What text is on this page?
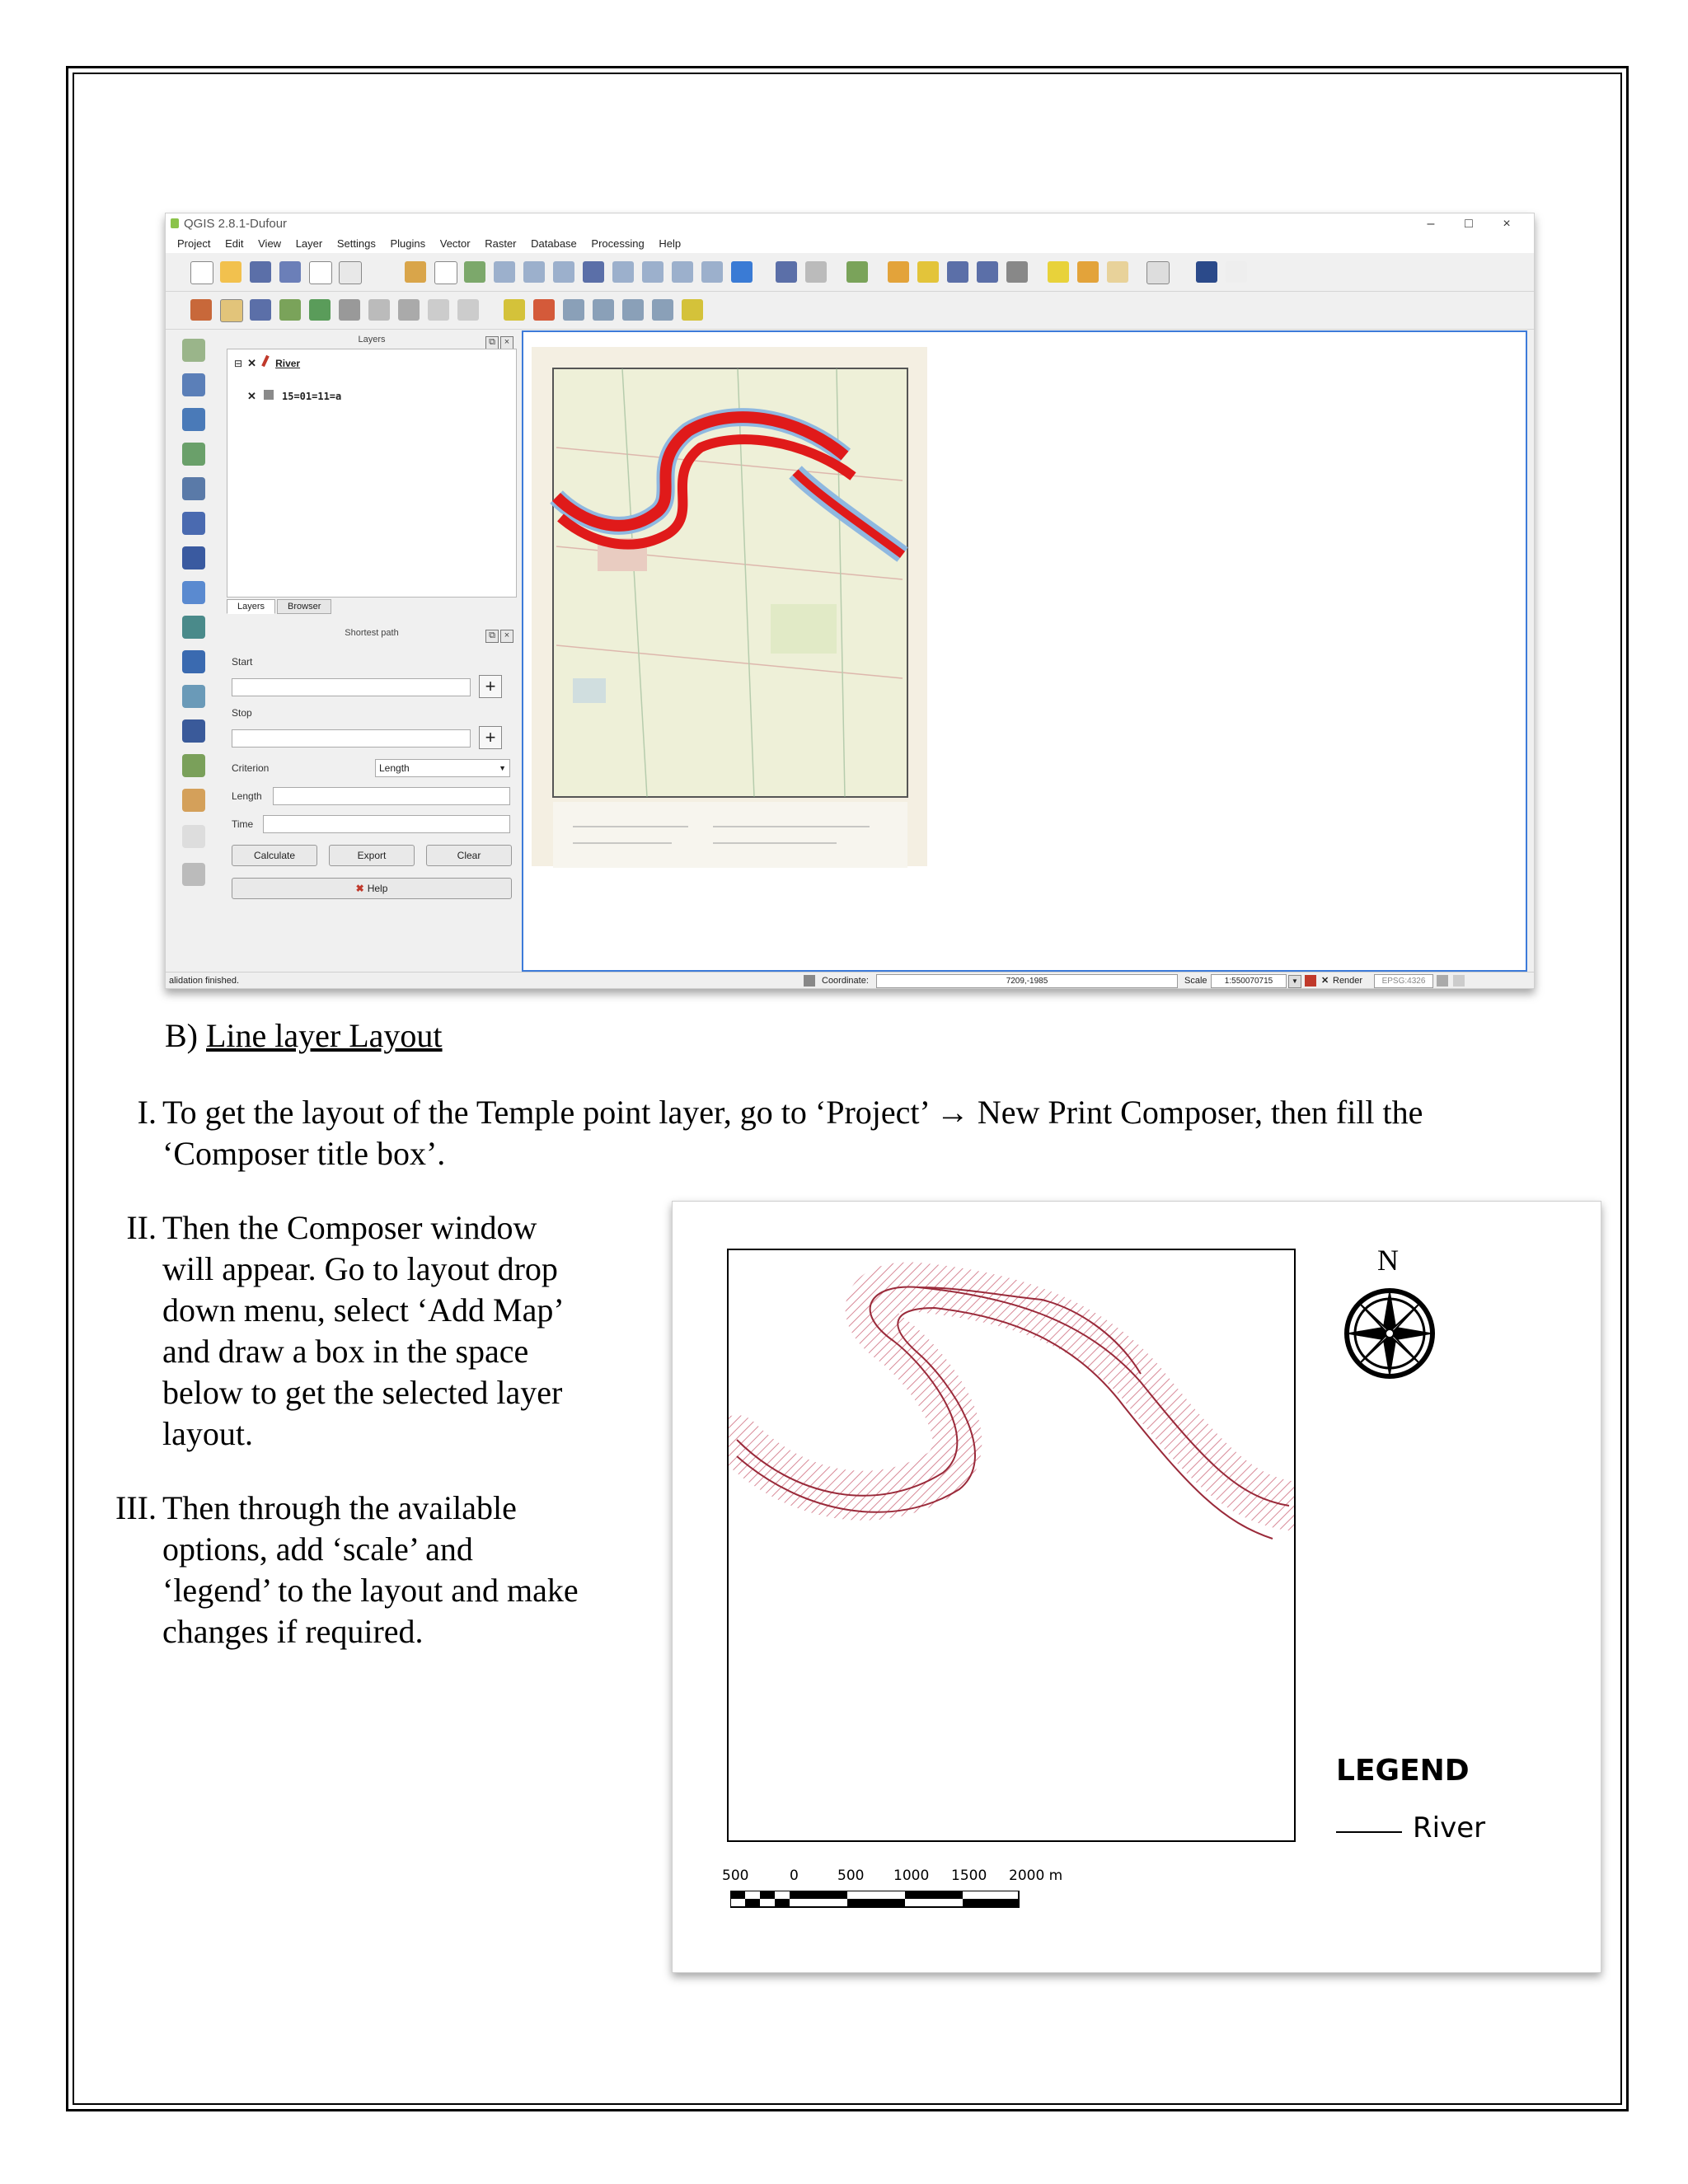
QGIS 2.8.1-Dufour	– □ ×
Project Edit View Layer Settings Plugins Vector Raster Database Processing Help
Layers	⧉ ×
⊟ ✕ River
✕	15=01=11=a
Layers	Browser
Shortest path	⧉ ×
Start
+
Stop
+
Criterion	Length	▼
Length
Time
Calculate	Export	Clear
✖ Help
alidation finished.	Coordinate:	7209,-1985	Scale	1:550070715	▼	✕ Render	EPSG:4326
B) Line layer Layout
I. To get the layout of the Temple point layer, go to ‘Project’ → New Print Composer, then fill the
‘Composer title box’.
II. Then the Composer window
will appear. Go to layout drop
down menu, select ‘Add Map’
and draw a box in the space
below to get the selected layer
layout.
III. Then through the available
options, add ‘scale’ and
‘legend’ to the layout and make
changes if required.
N
LEGEND
River
500	0	500 1000 1500 2000 m
